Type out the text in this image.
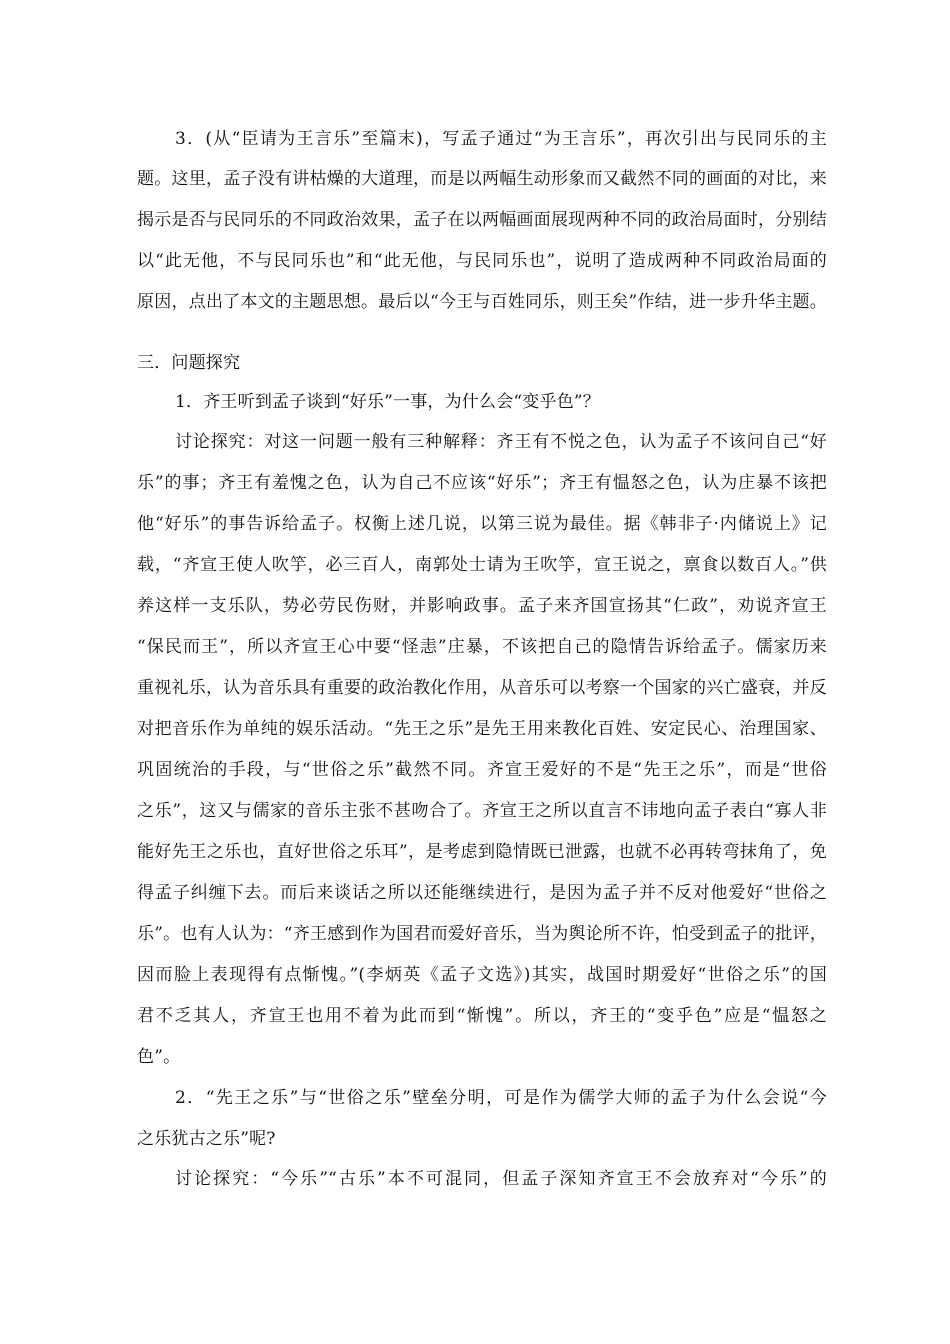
3．(从“臣请为王言乐”至篇末)，写孟子通过“为王言乐”，再次引出与民同乐的主
题。这里，孟子没有讲枯燥的大道理，而是以两幅生动形象而又截然不同的画面的对比，来
揭示是否与民同乐的不同政治效果，孟子在以两幅画面展现两种不同的政治局面时，分别结
以“此无他，不与民同乐也”和“此无他，与民同乐也”，说明了造成两种不同政治局面的
原因，点出了本文的主题思想。最后以“今王与百姓同乐，则王矣”作结，进一步升华主题。
三．问题探究
1．齐王听到孟子谈到“好乐”一事，为什么会“变乎色”？
讨论探究：对这一问题一般有三种解释：齐王有不悦之色，认为孟子不该问自己“好
乐”的事；齐王有羞愧之色，认为自己不应该“好乐”；齐王有愠怒之色，认为庄暴不该把
他“好乐”的事告诉给孟子。权衡上述几说，以第三说为最佳。据《韩非子·内储说上》记
载，“齐宣王使人吹竽，必三百人，南郭处士请为王吹竽，宣王说之，禀食以数百人。”供
养这样一支乐队，势必劳民伤财，并影响政事。孟子来齐国宣扬其“仁政”，劝说齐宣王
“保民而王”，所以齐宣王心中要“怪恚”庄暴，不该把自己的隐情告诉给孟子。儒家历来
重视礼乐，认为音乐具有重要的政治教化作用，从音乐可以考察一个国家的兴亡盛衰，并反
对把音乐作为单纯的娱乐活动。“先王之乐”是先王用来教化百姓、安定民心、治理国家、
巩固统治的手段，与“世俗之乐”截然不同。齐宣王爱好的不是“先王之乐”，而是“世俗
之乐”，这又与儒家的音乐主张不甚吻合了。齐宣王之所以直言不讳地向孟子表白“寡人非
能好先王之乐也，直好世俗之乐耳”，是考虑到隐情既已泄露，也就不必再转弯抹角了，免
得孟子纠缠下去。而后来谈话之所以还能继续进行，是因为孟子并不反对他爱好“世俗之
乐”。也有人认为：“齐王感到作为国君而爱好音乐，当为舆论所不许，怕受到孟子的批评，
因而脸上表现得有点惭愧。”(李炳英《孟子文选》)其实，战国时期爱好“世俗之乐”的国
君不乏其人，齐宣王也用不着为此而到“惭愧”。所以，齐王的“变乎色”应是“愠怒之
色”。
2．“先王之乐”与“世俗之乐”壁垒分明，可是作为儒学大师的孟子为什么会说“今
之乐犹古之乐”呢?
讨论探究：“今乐”“古乐”本不可混同，但孟子深知齐宣王不会放弃对“今乐”的
